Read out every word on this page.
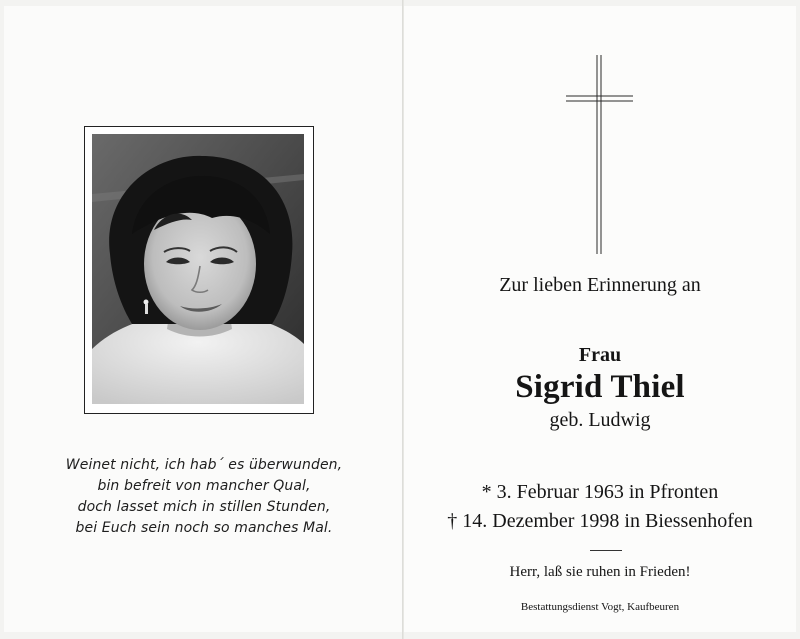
Weinet nicht, ich hab´ es überwunden,
bin befreit von mancher Qual,
doch lasset mich in stillen Stunden,
bei Euch sein noch so manches Mal.
Zur lieben Erinnerung an
Frau
Sigrid Thiel
geb. Ludwig
* 3. Februar 1963 in Pfronten
† 14. Dezember 1998 in Biessenhofen
Herr, laß sie ruhen in Frieden!
Bestattungsdienst Vogt, Kaufbeuren
